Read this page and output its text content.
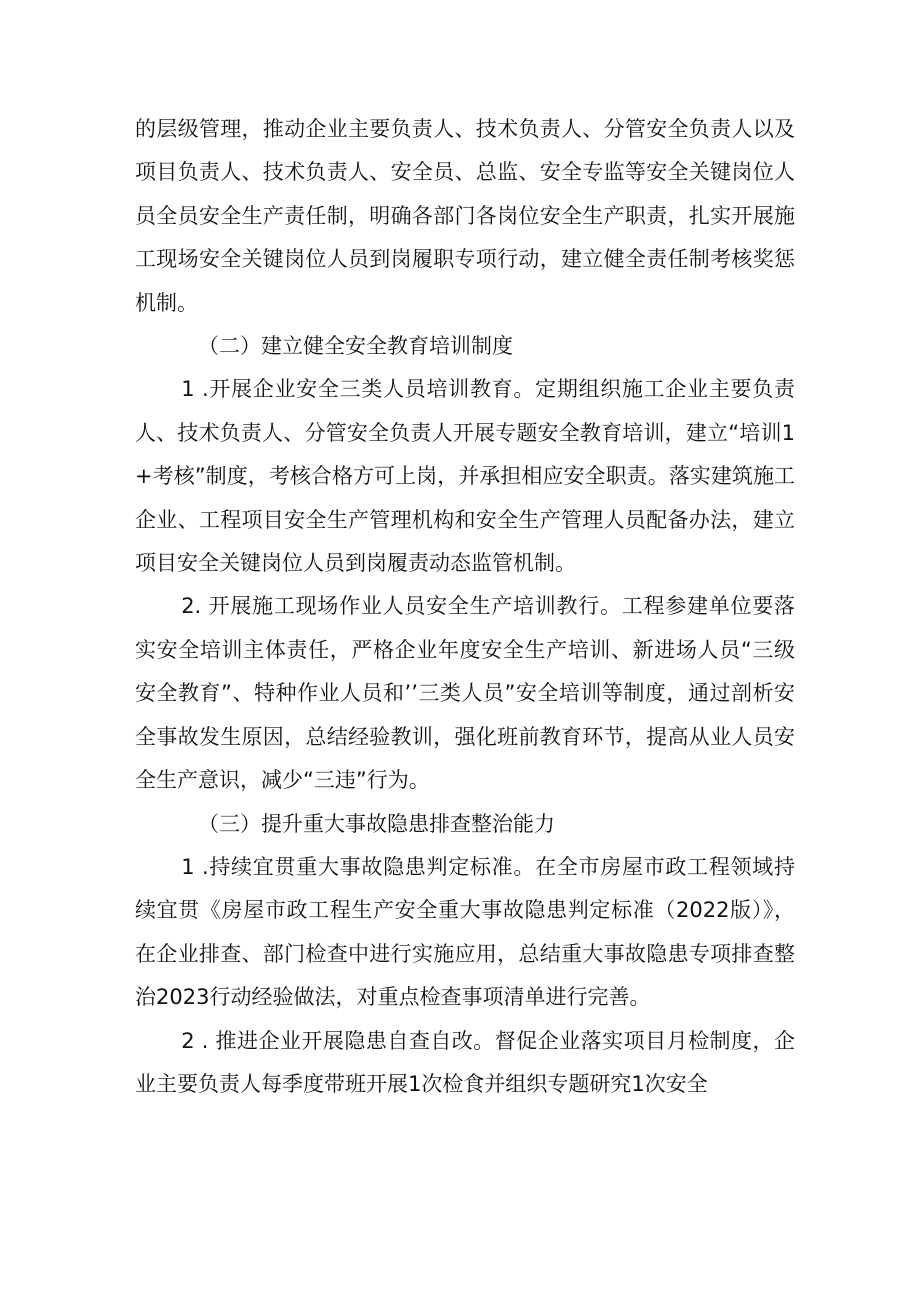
的层级管理，推动企业主要负责人、技术负责人、分管安全负责人以及项目负责人、技术负责人、安全员、总监、安全专监等安全关键岗位人员全员安全生产责任制，明确各部门各岗位安全生产职责，扎实开展施工现场安全关键岗位人员到岗履职专项行动，建立健全责任制考核奖惩机制。

（二）建立健全安全教育培训制度

1 .开展企业安全三类人员培训教育。定期组织施工企业主要负责人、技术负责人、分管安全负责人开展专题安全教育培训，建立“培训1+考核”制度，考核合格方可上岗，并承担相应安全职责。落实建筑施工企业、工程项目安全生产管理机构和安全生产管理人员配备办法，建立项目安全关键岗位人员到岗履责动态监管机制。

2. 开展施工现场作业人员安全生产培训教行。工程参建单位要落实安全培训主体责任，严格企业年度安全生产培训、新进场人员“三级安全教育”、特种作业人员和’’三类人员”安全培训等制度，通过剖析安全事故发生原因，总结经验教训，强化班前教育环节，提高从业人员安全生产意识，减少“三违”行为。

（三）提升重大事故隐患排查整治能力

1 .持续宜贯重大事故隐患判定标准。在全市房屋市政工程领域持续宜贯《房屋市政工程生产安全重大事故隐患判定标准（2022版）》，在企业排查、部门检查中进行实施应用，总结重大事故隐患专项排查整治2023行动经验做法，对重点检查事项清单进行完善。

2 . 推进企业开展隐患自查自改。督促企业落实项目月检制度，企业主要负责人每季度带班开展1次检食并组织专题研究1次安全
